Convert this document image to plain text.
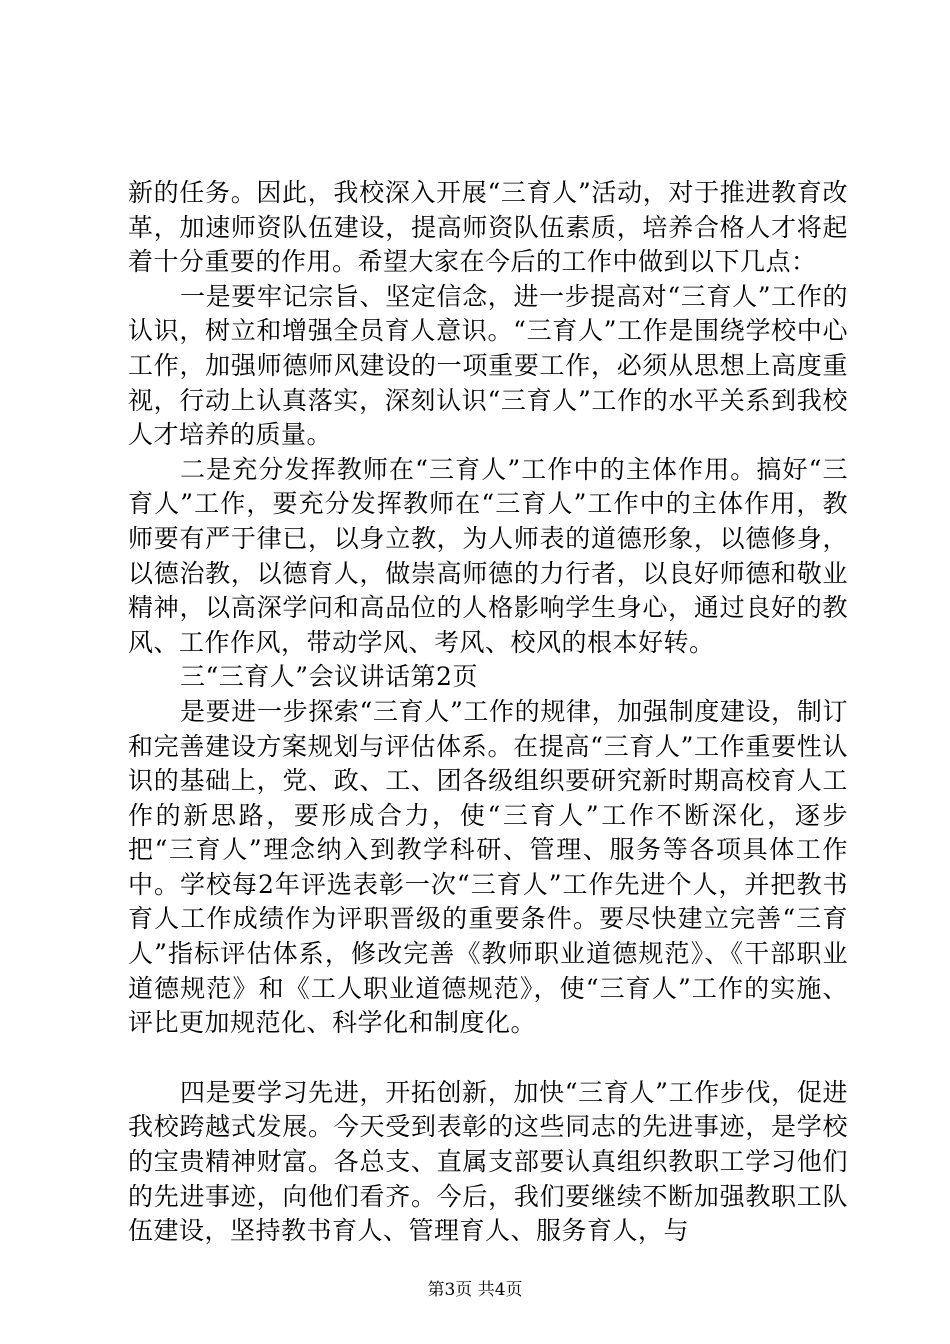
新的任务。因此，我校深入开展“三育人”活动，对于推进教育改革，加速师资队伍建设，提高师资队伍素质，培养合格人才将起着十分重要的作用。希望大家在今后的工作中做到以下几点：

一是要牢记宗旨、坚定信念，进一步提高对“三育人”工作的认识，树立和增强全员育人意识。“三育人”工作是围绕学校中心工作，加强师德师风建设的一项重要工作，必须从思想上高度重视，行动上认真落实，深刻认识“三育人”工作的水平关系到我校人才培养的质量。

二是充分发挥教师在“三育人”工作中的主体作用。搞好“三育人”工作，要充分发挥教师在“三育人”工作中的主体作用，教师要有严于律已，以身立教，为人师表的道德形象，以德修身，以德治教，以德育人，做崇高师德的力行者，以良好师德和敬业精神，以高深学问和高品位的人格影响学生身心，通过良好的教风、工作作风，带动学风、考风、校风的根本好转。

三“三育人”会议讲话第2页

是要进一步探索“三育人”工作的规律，加强制度建设，制订和完善建设方案规划与评估体系。在提高“三育人”工作重要性认识的基础上，党、政、工、团各级组织要研究新时期高校育人工作的新思路，要形成合力，使“三育人”工作不断深化，逐步把“三育人”理念纳入到教学科研、管理、服务等各项具体工作中。学校每2年评选表彰一次“三育人”工作先进个人，并把教书育人工作成绩作为评职晋级的重要条件。要尽快建立完善“三育人”指标评估体系，修改完善《教师职业道德规范》、《干部职业道德规范》和《工人职业道德规范》，使“三育人”工作的实施、评比更加规范化、科学化和制度化。

四是要学习先进，开拓创新，加快“三育人”工作步伐，促进我校跨越式发展。今天受到表彰的这些同志的先进事迹，是学校的宝贵精神财富。各总支、直属支部要认真组织教职工学习他们的先进事迹，向他们看齐。今后，我们要继续不断加强教职工队伍建设，坚持教书育人、管理育人、服务育人，与

第3页 共4页
